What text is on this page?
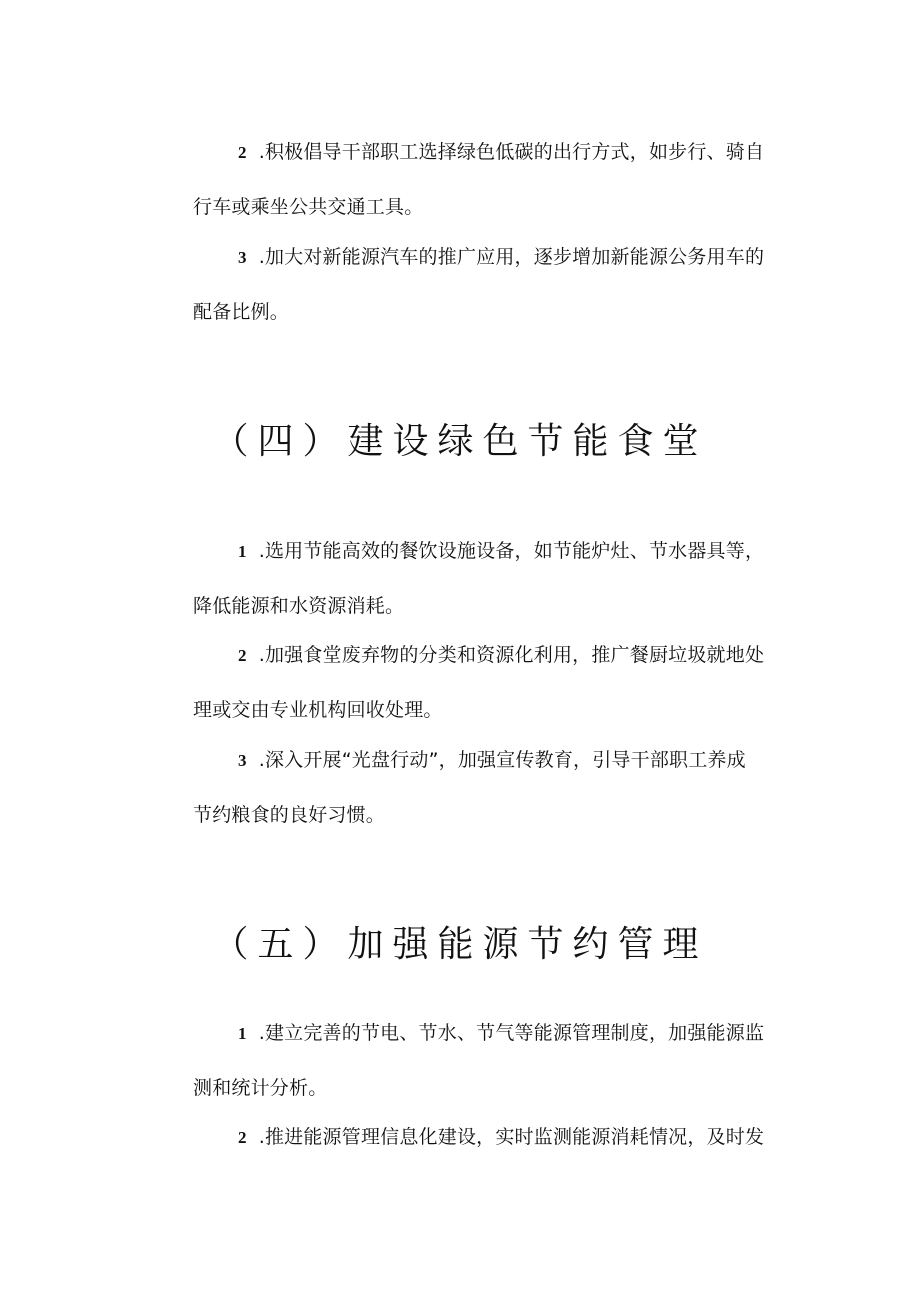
2 .积极倡导干部职工选择绿色低碳的出行方式，如步行、骑自
行车或乘坐公共交通工具。

3 .加大对新能源汽车的推广应用，逐步增加新能源公务用车的
配备比例。

（四）建设绿色节能食堂

1 .选用节能高效的餐饮设施设备，如节能炉灶、节水器具等，
降低能源和水资源消耗。

2 .加强食堂废弃物的分类和资源化利用，推广餐厨垃圾就地处
理或交由专业机构回收处理。

3 .深入开展“光盘行动”，加强宣传教育，引导干部职工养成
节约粮食的良好习惯。

（五）加强能源节约管理

1 .建立完善的节电、节水、节气等能源管理制度，加强能源监
测和统计分析。

2 .推进能源管理信息化建设，实时监测能源消耗情况，及时发
